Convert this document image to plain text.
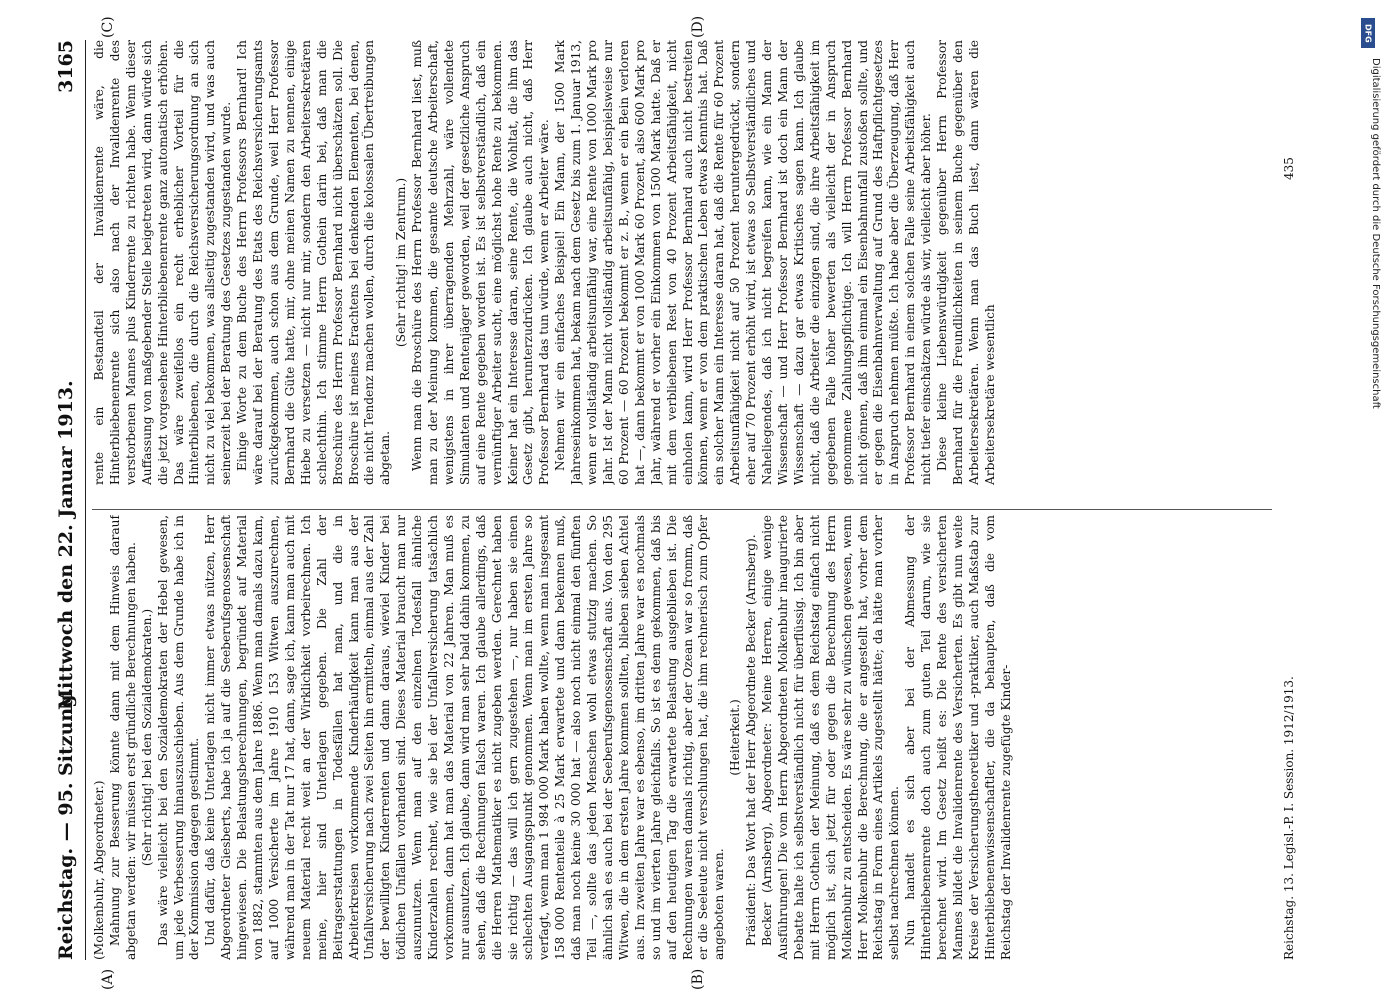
Reichstag. — 95. Sitzung.
Mittwoch den 22. Januar 1913.
3165
(A)	(B)
(C)	(D)

(Molkenbuhr, Abgeordneter.) Mahnung zur Besserung könnte dann mit dem Hinweis darauf abgetan werden: wir müssen erst gründliche Berechnungen haben. (Sehr richtig! bei den Sozialdemokraten.) Das wäre vielleicht bei den Sozialdemokraten der Hebel gewesen, um jede Verbesserung hinauszuschieben. Aus dem Grunde habe ich in der Kommission dagegen gestimmt. Und dafür, daß keine Unterlagen nicht immer etwas nützen, Herr Abgeordneter Giesberts, habe ich ja auf die Seeberufsgenossenschaft hingewiesen. Die Belastungsberechnungen, begründet auf Material von 1882, stammten aus dem Jahre 1886. Wenn man damals dazu kam, auf 1000 Versicherte im Jahre 1910 153 Witwen auszurechnen, während man in der Tat nur 17 hat, dann, sage ich, kann man auch mit neuem Material recht weit an der Wirklichkeit vorbeirechnen. Ich meine, hier sind Unterlagen gegeben. Die Zahl der Beitragserstattungen in Todesfällen hat man, und die in Arbeiterkreisen vorkommende Kinderhäufigkeit kann man aus der Unfallversicherung nach zwei Seiten hin ermitteln, einmal aus der Zahl der bewilligten Kinderrenten und dann daraus, wieviel Kinder bei tödlichen Unfällen vorhanden sind. Dieses Material braucht man nur auszunutzen. Wenn man auf den einzelnen Todesfall ähnliche Kinderzahlen rechnet, wie sie bei der Unfallversicherung tatsächlich vorkommen, dann hat man das Material von 22 Jahren. Man muß es nur ausnutzen. Ich glaube, dann wird man sehr bald dahin kommen, zu sehen, daß die Rechnungen falsch waren. Ich glaube allerdings, daß die Herren Mathematiker es nicht zugeben werden. Gerechnet haben sie richtig — das will ich gern zugestehen —, nur haben sie einen schlechten Ausgangspunkt genommen. Wenn man im ersten Jahre so verfagt, wenn man 1 984 000 Mark haben wollte, wenn man insgesamt 158 000 Rententeile à 25 Mark erwartete und dann bekennen muß, daß man noch keine 30 000 hat — also noch nicht einmal den fünften Teil —, sollte das jeden Menschen wohl etwas stutzig machen. So ähnlich sah es auch bei der Seeberufsgenossenschaft aus. Von den 295 Witwen, die in dem ersten Jahre kommen sollten, blieben sieben Achtel aus. Im zweiten Jahre war es ebenso, im dritten Jahre war es nochmals so und im vierten Jahre gleichfalls. So ist es denn gekommen, daß bis auf den heutigen Tag die erwartete Belastung ausgeblieben ist. Die Rechnungen waren damals richtig, aber der Ozean war so fromm, daß er die Seeleute nicht verschlungen hat, die ihm rechnerisch zum Opfer angeboten waren.

(Heiterkeit.) Präsident: Das Wort hat der Herr Abgeordnete Becker (Arnsberg). Becker (Arnsberg), Abgeordneter: Meine Herren, einige wenige Ausführungen! Die vom Herrn Abgeordneten Molkenbuhr inaugurierte Debatte halte ich selbstverständlich nicht für überflüssig. Ich bin aber mit Herrn Gothein der Meinung, daß es dem Reichstag einfach nicht möglich ist, sich jetzt für oder gegen die Berechnung des Herrn Molkenbuhr zu entscheiden. Es wäre sehr zu wünschen gewesen, wenn Herr Molkenbuhr die Berechnung, die er angestellt hat, vorher dem Reichstag in Form eines Artikels zugestellt hätte; da hätte man vorher selbst nachrechnen können. Nun handelt es sich aber bei der Abmessung der Hinterbliebenenrente doch auch zum guten Teil darum, wie sie berechnet wird. Im Gesetz heißt es: Die Rente des versicherten Mannes bildet die Invalidenrente des Versicherten. Es gibt nun weite Kreise der Versicherungstheoretiker und -praktiker, auch Maßstab zur Hinterbliebenenwissenschaftler, die da behaupten, daß die vom Reichstag der Invalidenrente zugefügte Kinder-

rente ein Bestandteil der Invalidenrente wäre, die Hinterbliebenenrente sich also nach der Invalidenrente des verstorbenen Mannes plus Kinderrente zu richten habe. Wenn dieser Auffassung von maßgebender Stelle beigetreten wird, dann würde sich die jetzt vorgesehene Hinterbliebenenrente ganz automatisch erhöhen. Das wäre zweifellos ein recht erheblicher Vorteil für die Hinterbliebenen, die durch die Reichsversicherungsordnung an sich nicht zu viel bekommen, was allseitig zugestanden wird, und was auch seinerzeit bei der Beratung des Gesetzes zugestanden wurde. Einige Worte zu dem Buche des Herrn Professors Bernhard! Ich wäre darauf bei der Beratung des Etats des Reichsversicherungsamts zurückgekommen, auch schon aus dem Grunde, weil Herr Professor Bernhard die Güte hatte, mir, ohne meinen Namen zu nennen, einige Hiebe zu versetzen — nicht nur mir, sondern den Arbeitersekretären schlechthin. Ich stimme Herrn Gothein darin bei, daß man die Broschüre des Herrn Professor Bernhard nicht überschätzen soll. Die Broschüre ist meines Erachtens bei denkenden Elementen, bei denen, die nicht Tendenz machen wollen, durch die kolossalen Übertreibungen abgetan.

(Sehr richtig! im Zentrum.) Wenn man die Broschüre des Herrn Professor Bernhard liest, muß man zu der Meinung kommen, die gesamte deutsche Arbeiterschaft, wenigstens in ihrer überragenden Mehrzahl, wäre vollendete Simulanten und Rentenjäger geworden, weil der gesetzliche Anspruch auf eine Rente gegeben worden ist. Es ist selbstverständlich, daß ein vernünftiger Arbeiter sucht, eine möglichst hohe Rente zu bekommen. Keiner hat ein Interesse daran, seine Rente, die Wohltat, die ihm das Gesetz gibt, herunterzudrücken. Ich glaube auch nicht, daß Herr Professor Bernhard das tun würde, wenn er Arbeiter wäre. Nehmen wir ein einfaches Beispiel! Ein Mann, der 1500 Mark Jahreseinkommen hat, bekam nach dem Gesetz bis zum 1. Januar 1913, wenn er vollständig arbeitsunfähig war, eine Rente von 1000 Mark pro Jahr. Ist der Mann nicht vollständig arbeitsunfähig, beispielsweise nur 60 Prozent — 60 Prozent bekommt er z. B., wenn er ein Bein verloren hat —, dann bekommt er von 1000 Mark 60 Prozent, also 600 Mark pro Jahr, während er vorher ein Einkommen von 1500 Mark hatte. Daß er mit dem verbliebenen Rest von 40 Prozent Arbeitsfähigkeit, nicht einholen kann, wird Herr Professor Bernhard auch nicht bestreiten können, wenn er von dem praktischen Leben etwas Kenntnis hat. Daß ein solcher Mann ein Interesse daran hat, daß die Rente für 60 Prozent Arbeitsunfähigkeit nicht auf 50 Prozent heruntergedrückt, sondern eher auf 70 Prozent erhöht wird, ist etwas so Selbstverständliches und Naheliegendes, daß ich nicht begreifen kann, wie ein Mann der Wissenschaft — und Herr Professor Bernhard ist doch ein Mann der Wissenschaft — dazu gar etwas Kritisches sagen kann. Ich glaube nicht, daß die Arbeiter die einzigen sind, die ihre Arbeitsfähigkeit im gegebenen Falle höher bewerten als vielleicht der in Anspruch genommene Zahlungspflichtige. Ich will Herrn Professor Bernhard nicht gönnen, daß ihm einmal ein Eisenbahnunfall zustoßen sollte, und er gegen die Eisenbahnverwaltung auf Grund des Haftpflichtgesetzes in Anspruch nehmen müßte. Ich habe aber die Überzeugung, daß Herr Professor Bernhard in einem solchen Falle seine Arbeitsfähigkeit auch nicht tiefer einschätzen würde als wir, vielleicht aber höher. Diese kleine Liebenswürdigkeit gegenüber Herrn Professor Bernhard für die Freundlichkeiten in seinem Buche gegenüber den Arbeitersekretären. Wenn man das Buch liest, dann wären die Arbeitersekretäre wesentlich

Reichstag. 13. Legisl.-P. I. Session. 1912/1913.
435
DFG
Digitalisierung gefördert durch die Deutsche Forschungsgemeinschaft
